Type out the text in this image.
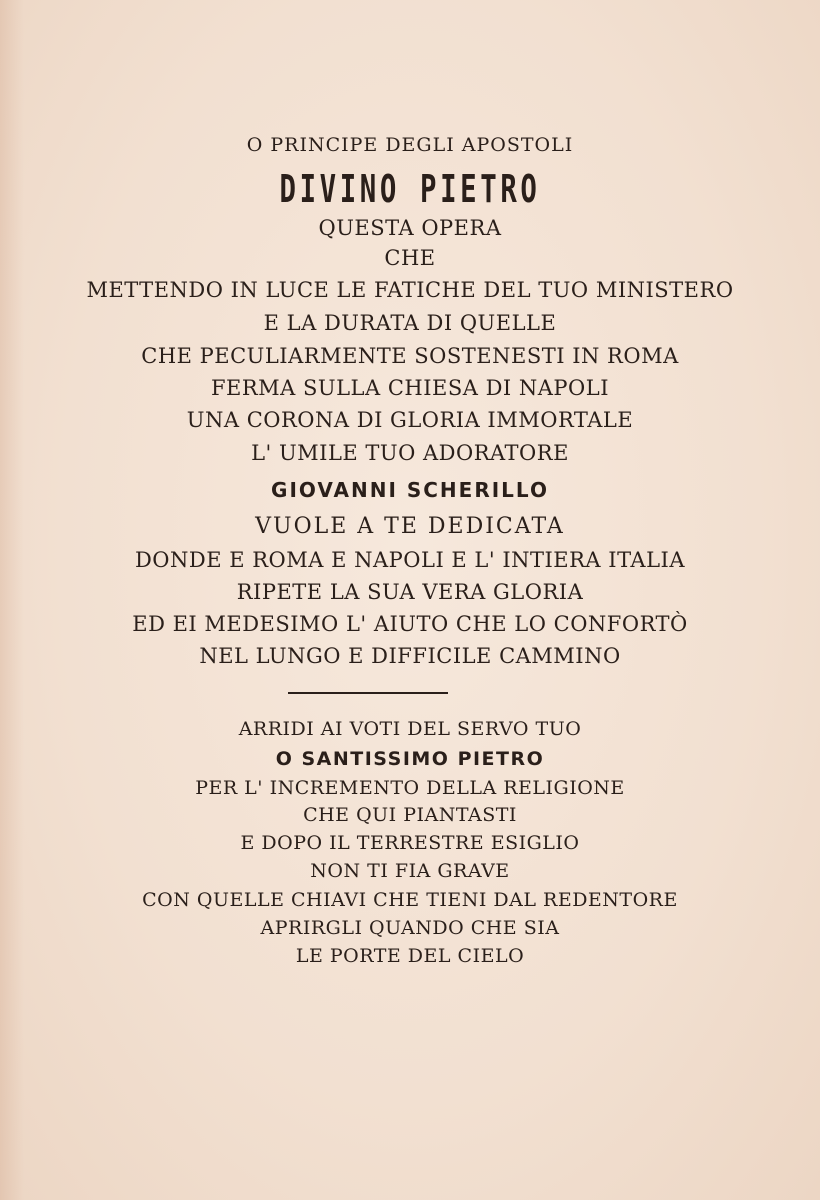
O PRINCIPE DEGLI APOSTOLI
DIVINO PIETRO
QUESTA OPERA
CHE
METTENDO IN LUCE LE FATICHE DEL TUO MINISTERO
E LA DURATA DI QUELLE
CHE PECULIARMENTE SOSTENESTI IN ROMA
FERMA SULLA CHIESA DI NAPOLI
UNA CORONA DI GLORIA IMMORTALE
L' UMILE TUO ADORATORE
GIOVANNI SCHERILLO
VUOLE A TE DEDICATA
DONDE E ROMA E NAPOLI E L' INTIERA ITALIA
RIPETE LA SUA VERA GLORIA
ED EI MEDESIMO L' AIUTO CHE LO CONFORTÒ
NEL LUNGO E DIFFICILE CAMMINO
ARRIDI AI VOTI DEL SERVO TUO
O SANTISSIMO PIETRO
PER L' INCREMENTO DELLA RELIGIONE
CHE QUI PIANTASTI
E DOPO IL TERRESTRE ESIGLIO
NON TI FIA GRAVE
CON QUELLE CHIAVI CHE TIENI DAL REDENTORE
APRIRGLI QUANDO CHE SIA
LE PORTE DEL CIELO
